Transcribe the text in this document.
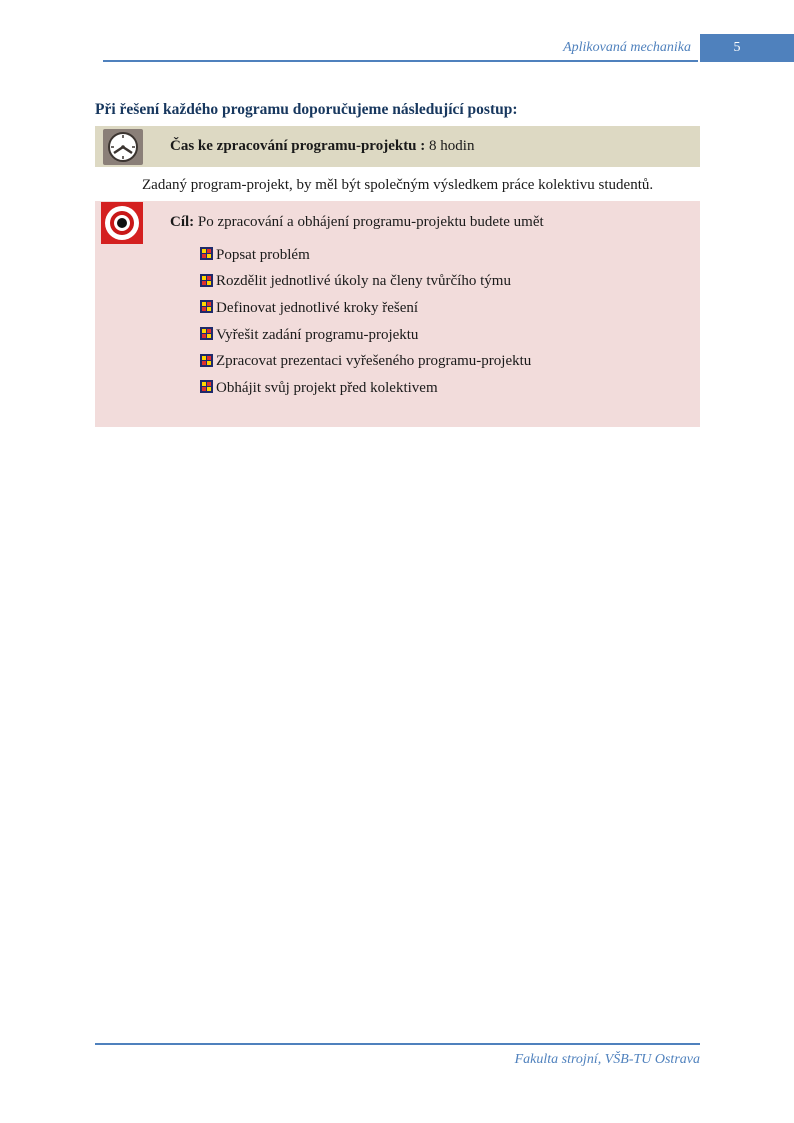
Aplikovaná mechanika	5
Při řešení každého programu doporučujeme následující postup:
Čas ke zpracování programu-projektu : 8 hodin
Zadaný program-projekt, by měl být společným výsledkem práce kolektivu studentů.
Cíl: Po zpracování a obhájení programu-projektu budete umět
Popsat problém
Rozdělit jednotlivé úkoly na členy tvůrčího týmu
Definovat jednotlivé kroky řešení
Vyřešit zadání programu-projektu
Zpracovat prezentaci vyřešeného programu-projektu
Obhájit svůj projekt před kolektivem
Fakulta strojní, VŠB-TU Ostrava
